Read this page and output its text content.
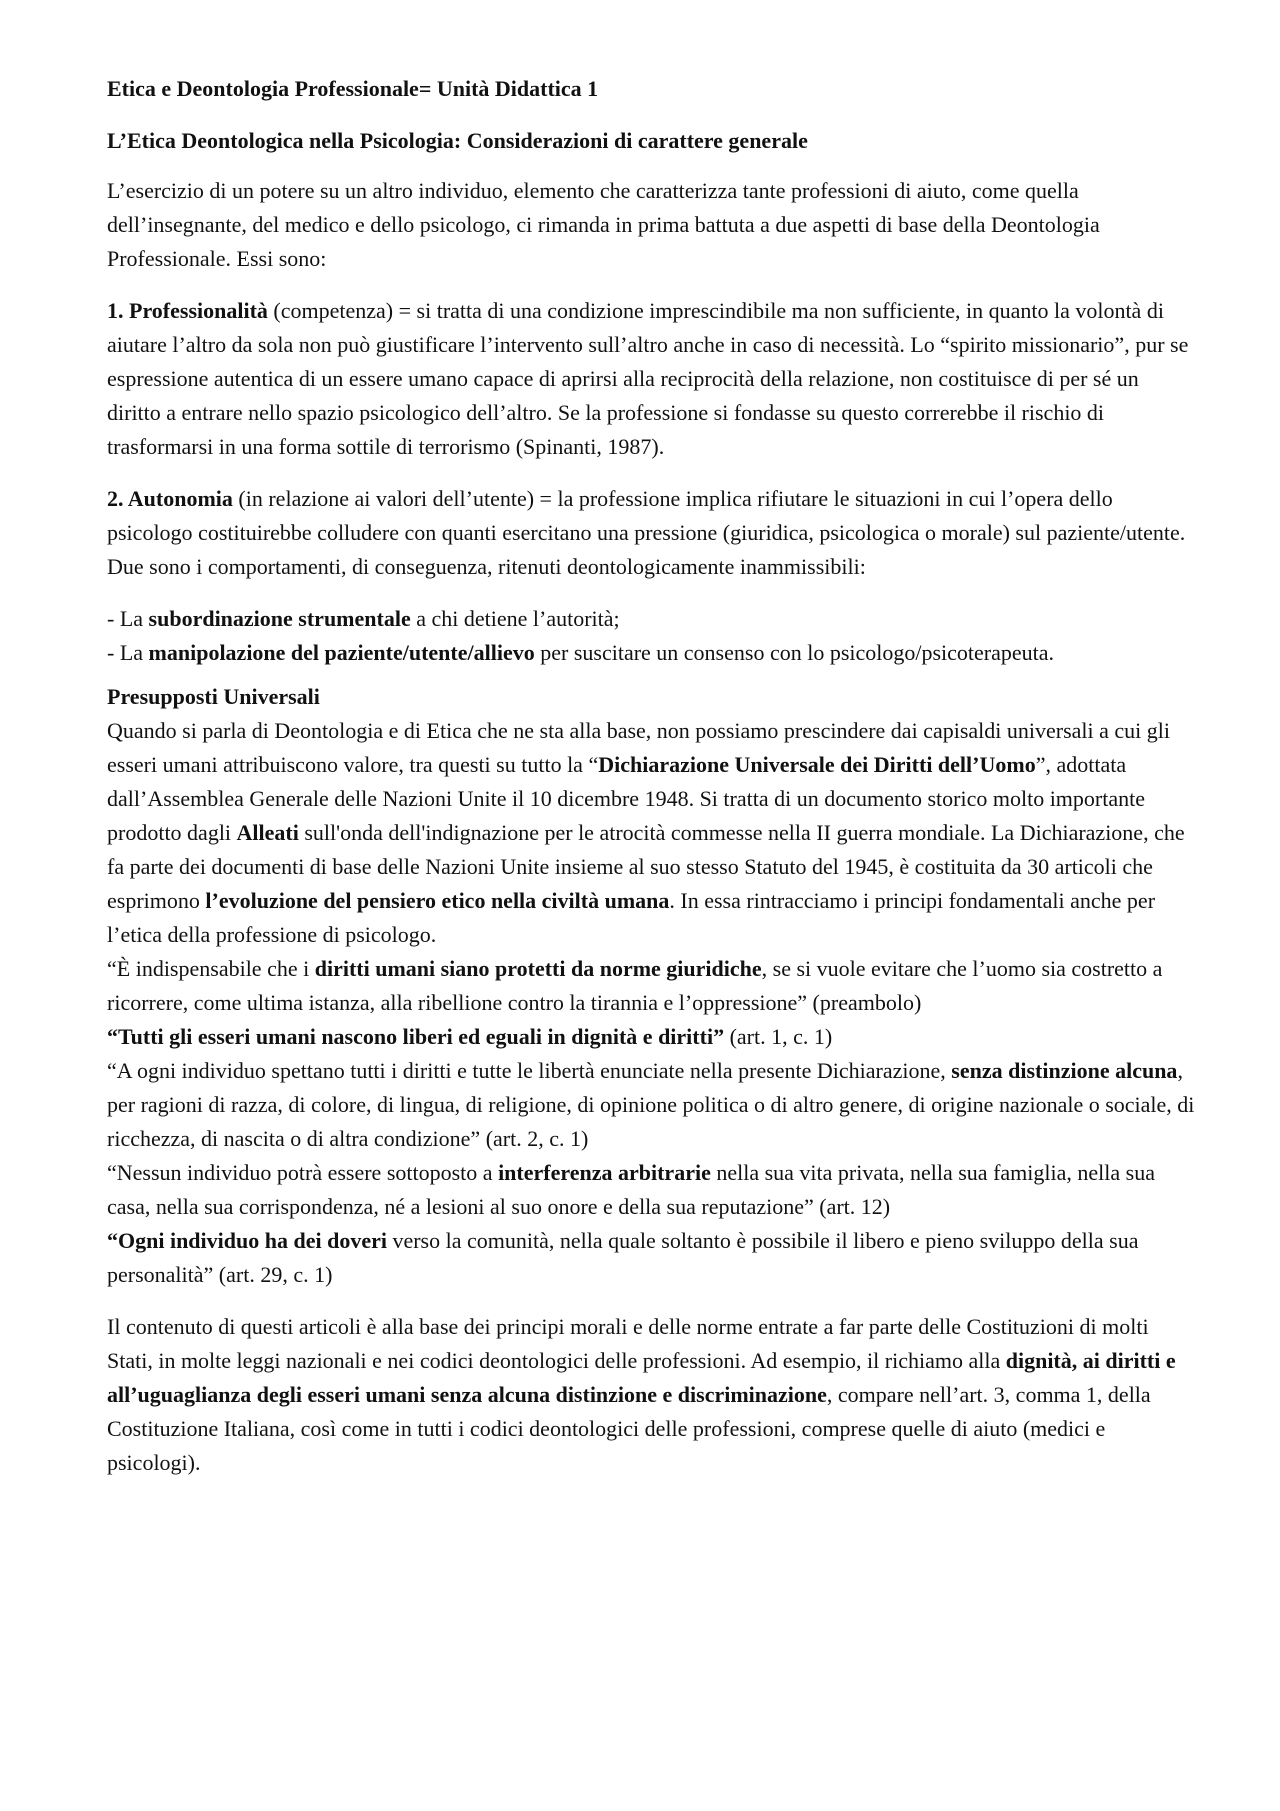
Etica e Deontologia Professionale= Unità Didattica 1

L’Etica Deontologica nella Psicologia: Considerazioni di carattere generale

L’esercizio di un potere su un altro individuo, elemento che caratterizza tante professioni di aiuto, come quella dell’insegnante, del medico e dello psicologo, ci rimanda in prima battuta a due aspetti di base della Deontologia Professionale. Essi sono:

1. Professionalità (competenza) = si tratta di una condizione imprescindibile ma non sufficiente, in quanto la volontà di aiutare l’altro da sola non può giustificare l’intervento sull’altro anche in caso di necessità. Lo “spirito missionario”, pur se espressione autentica di un essere umano capace di aprirsi alla reciprocità della relazione, non costituisce di per sé un diritto a entrare nello spazio psicologico dell’altro. Se la professione si fondasse su questo correrebbe il rischio di trasformarsi in una forma sottile di terrorismo (Spinanti, 1987).

2. Autonomia (in relazione ai valori dell’utente) = la professione implica rifiutare le situazioni in cui l’opera dello psicologo costituirebbe colludere con quanti esercitano una pressione (giuridica, psicologica o morale) sul paziente/utente. Due sono i comportamenti, di conseguenza, ritenuti deontologicamente inammissibili:

- La subordinazione strumentale a chi detiene l’autorità;

- La manipolazione del paziente/utente/allievo per suscitare un consenso con lo psicologo/psicoterapeuta.

Presupposti Universali

Quando si parla di Deontologia e di Etica che ne sta alla base, non possiamo prescindere dai capisaldi universali a cui gli esseri umani attribuiscono valore, tra questi su tutto la “Dichiarazione Universale dei Diritti dell’Uomo”, adottata dall’Assemblea Generale delle Nazioni Unite il 10 dicembre 1948. Si tratta di un documento storico molto importante prodotto dagli Alleati sull'onda dell'indignazione per le atrocità commesse nella II guerra mondiale. La Dichiarazione, che fa parte dei documenti di base delle Nazioni Unite insieme al suo stesso Statuto del 1945, è costituita da 30 articoli che esprimono l’evoluzione del pensiero etico nella civiltà umana. In essa rintracciamo i principi fondamentali anche per l’etica della professione di psicologo.

“È indispensabile che i diritti umani siano protetti da norme giuridiche, se si vuole evitare che l’uomo sia costretto a ricorrere, come ultima istanza, alla ribellione contro la tirannia e l’oppressione” (preambolo)

“Tutti gli esseri umani nascono liberi ed eguali in dignità e diritti” (art. 1, c. 1)

“A ogni individuo spettano tutti i diritti e tutte le libertà enunciate nella presente Dichiarazione, senza distinzione alcuna, per ragioni di razza, di colore, di lingua, di religione, di opinione politica o di altro genere, di origine nazionale o sociale, di ricchezza, di nascita o di altra condizione” (art. 2, c. 1)

“Nessun individuo potrà essere sottoposto a interferenza arbitrarie nella sua vita privata, nella sua famiglia, nella sua casa, nella sua corrispondenza, né a lesioni al suo onore e della sua reputazione” (art. 12)

“Ogni individuo ha dei doveri verso la comunità, nella quale soltanto è possibile il libero e pieno sviluppo della sua personalità” (art. 29, c. 1)

Il contenuto di questi articoli è alla base dei principi morali e delle norme entrate a far parte delle Costituzioni di molti Stati, in molte leggi nazionali e nei codici deontologici delle professioni. Ad esempio, il richiamo alla dignità, ai diritti e all’uguaglianza degli esseri umani senza alcuna distinzione e discriminazione, compare nell’art. 3, comma 1, della Costituzione Italiana, così come in tutti i codici deontologici delle professioni, comprese quelle di aiuto (medici e psicologi).
